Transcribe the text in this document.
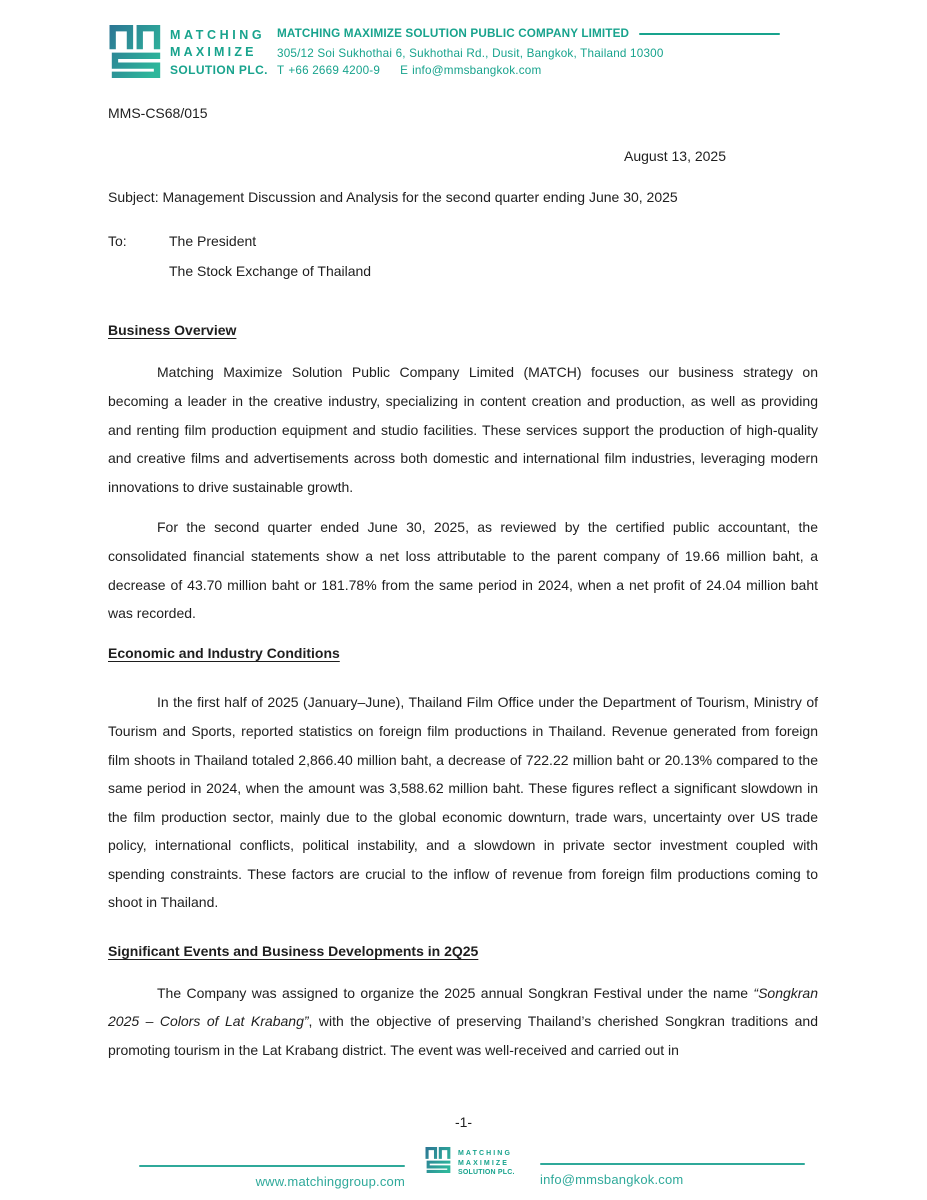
MATCHING
MAXIMIZE
SOLUTION PLC.
MATCHING MAXIMIZE SOLUTION PUBLIC COMPANY LIMITED
305/12 Soi Sukhothai 6, Sukhothai Rd., Dusit, Bangkok, Thailand 10300
T +66 2669 4200-9 E info@mmsbangkok.com

MMS-CS68/015

August 13, 2025

Subject: Management Discussion and Analysis for the second quarter ending June 30, 2025

To:	The President
The Stock Exchange of Thailand
Business Overview

Matching Maximize Solution Public Company Limited (MATCH) focuses our business strategy on becoming a leader in the creative industry, specializing in content creation and production, as well as providing and renting film production equipment and studio facilities. These services support the production of high-quality and creative films and advertisements across both domestic and international film industries, leveraging modern innovations to drive sustainable growth.

For the second quarter ended June 30, 2025, as reviewed by the certified public accountant, the consolidated financial statements show a net loss attributable to the parent company of 19.66 million baht, a decrease of 43.70 million baht or 181.78% from the same period in 2024, when a net profit of 24.04 million baht was recorded.

Economic and Industry Conditions

In the first half of 2025 (January–June), Thailand Film Office under the Department of Tourism, Ministry of Tourism and Sports, reported statistics on foreign film productions in Thailand. Revenue generated from foreign film shoots in Thailand totaled 2,866.40 million baht, a decrease of 722.22 million baht or 20.13% compared to the same period in 2024, when the amount was 3,588.62 million baht. These figures reflect a significant slowdown in the film production sector, mainly due to the global economic downturn, trade wars, uncertainty over US trade policy, international conflicts, political instability, and a slowdown in private sector investment coupled with spending constraints. These factors are crucial to the inflow of revenue from foreign film productions coming to shoot in Thailand.

Significant Events and Business Developments in 2Q25

The Company was assigned to organize the 2025 annual Songkran Festival under the name “Songkran 2025 – Colors of Lat Krabang”, with the objective of preserving Thailand’s cherished Songkran traditions and promoting tourism in the Lat Krabang district. The event was well-received and carried out in

-1-
www.matchinggroup.com
MATCHING
MAXIMIZE
SOLUTION PLC. info@mmsbangkok.com
